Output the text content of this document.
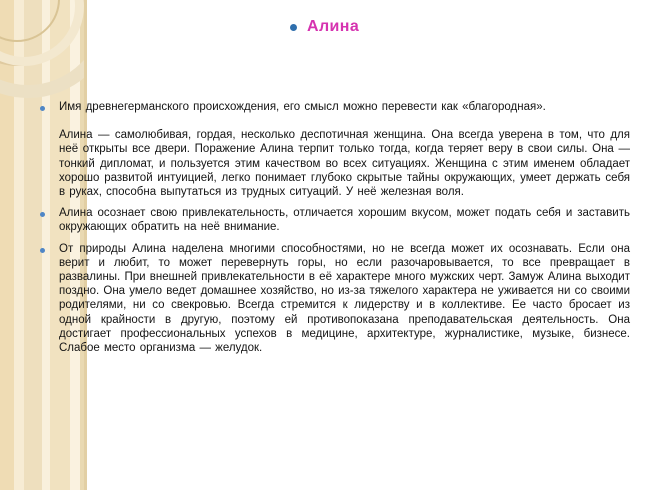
Алина
Имя древнегерманского происхождения, его смысл можно перевести как «благородная».
Алина — самолюбивая, гордая, несколько деспотичная женщина. Она всегда уверена в том, что для неё открыты все двери. Поражение Алина терпит только тогда, когда теряет веру в свои силы. Она — тонкий дипломат, и пользуется этим качеством во всех ситуациях. Женщина с этим именем обладает хорошо развитой интуицией, легко понимает глубоко скрытые тайны окружающих, умеет держать себя в руках, способна выпутаться из трудных ситуаций. У неё железная воля.
Алина осознает свою привлекательность, отличается хорошим вкусом, может подать себя и заставить окружающих обратить на неё внимание.
От природы Алина наделена многими способностями, но не всегда может их осознавать. Если она верит и любит, то может перевернуть горы, но если разочаровывается, то все превращает в развалины. При внешней привлекательности в её характере много мужских черт. Замуж Алина выходит поздно. Она умело ведет домашнее хозяйство, но из-за тяжелого характера не уживается ни со своими родителями, ни со свекровью. Всегда стремится к лидерству и в коллективе. Ее часто бросает из одной крайности в другую, поэтому ей противопоказана преподавательская деятельность. Она достигает профессиональных успехов в медицине, архитектуре, журналистике, музыке, бизнесе. Слабое место организма — желудок.
